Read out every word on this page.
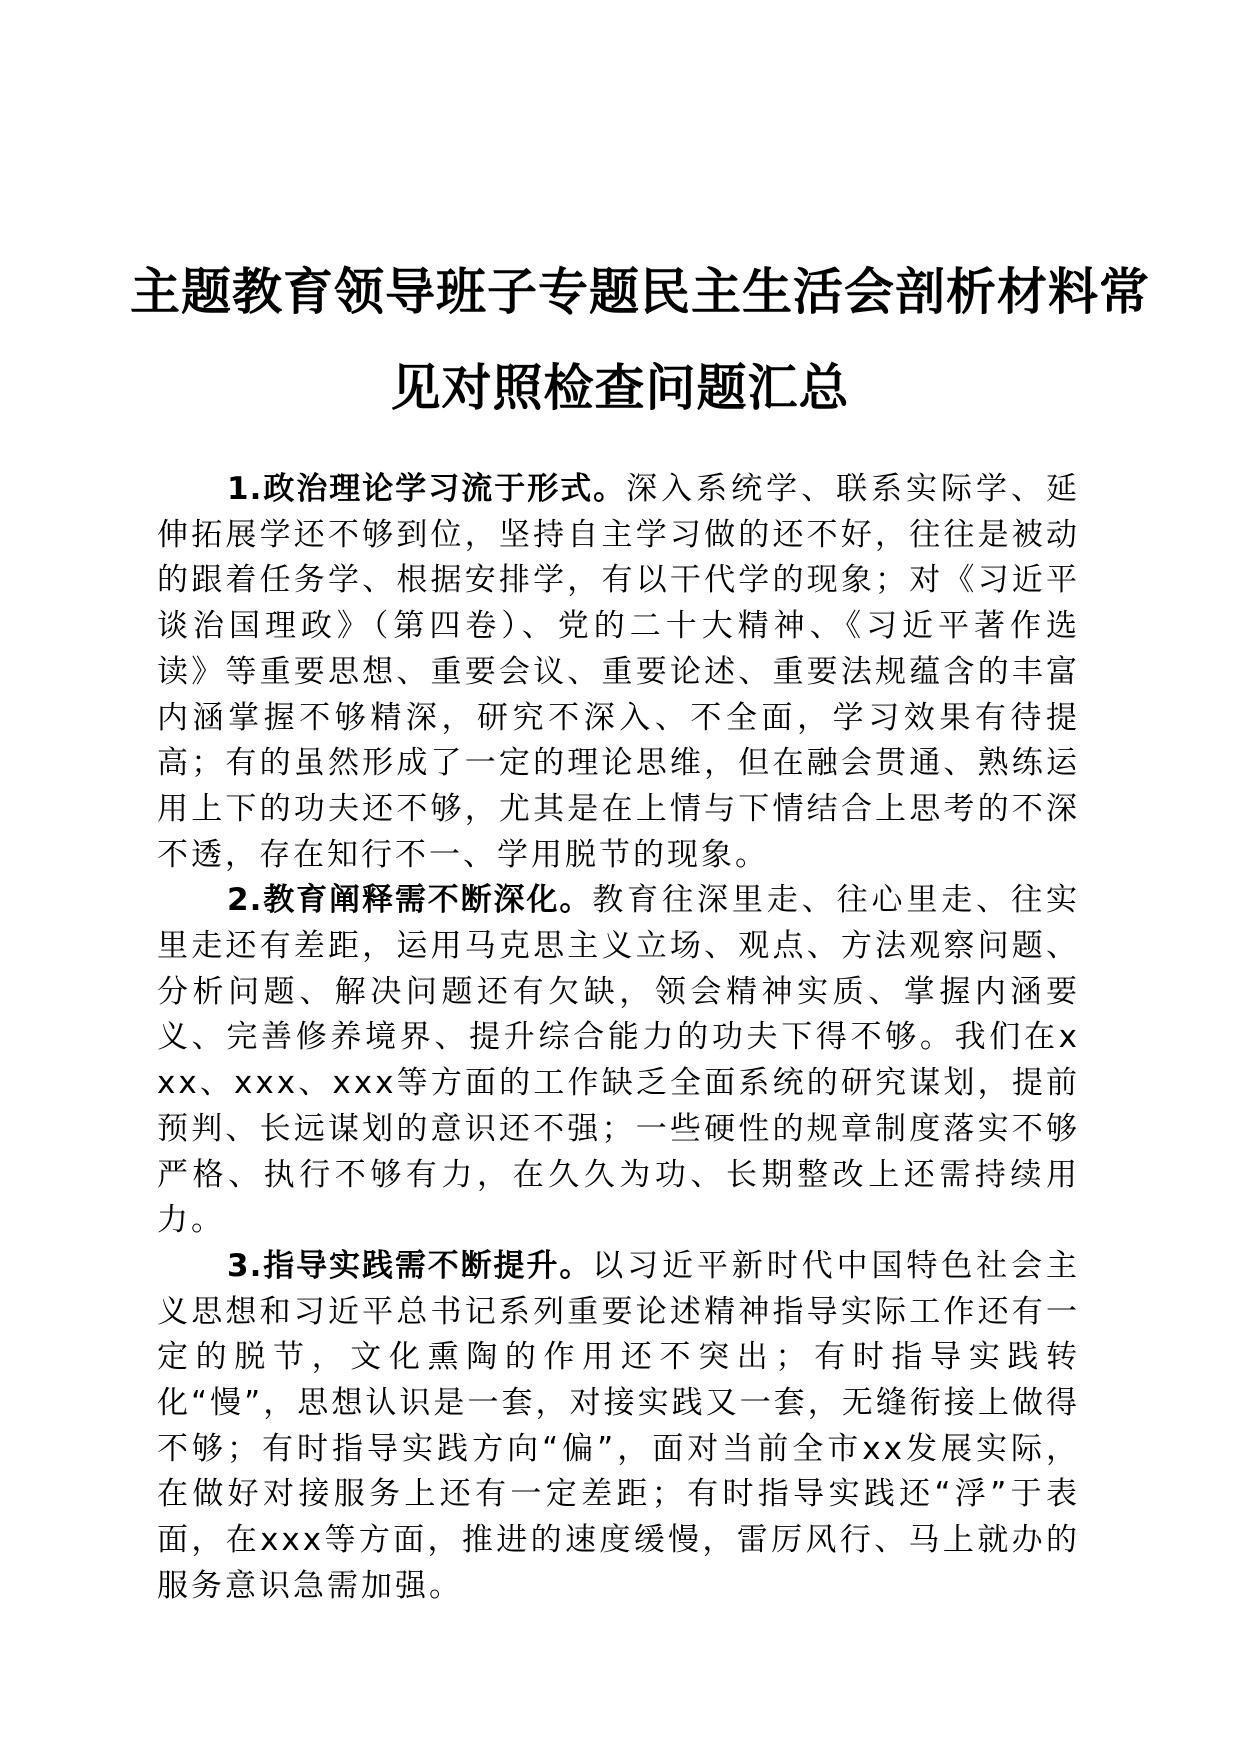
主题教育领导班子专题民主生活会剖析材料常
见对照检查问题汇总

1.政治理论学习流于形式。深入系统学、联系实际学、延伸拓展学还不够到位，坚持自主学习做的还不好，往往是被动的跟着任务学、根据安排学，有以干代学的现象；对《习近平谈治国理政》（第四卷）、党的二十大精神、《习近平著作选读》等重要思想、重要会议、重要论述、重要法规蕴含的丰富内涵掌握不够精深，研究不深入、不全面，学习效果有待提高；有的虽然形成了一定的理论思维，但在融会贯通、熟练运用上下的功夫还不够，尤其是在上情与下情结合上思考的不深不透，存在知行不一、学用脱节的现象。

2.教育阐释需不断深化。教育往深里走、往心里走、往实里走还有差距，运用马克思主义立场、观点、方法观察问题、分析问题、解决问题还有欠缺，领会精神实质、掌握内涵要义、完善修养境界、提升综合能力的功夫下得不够。我们在xxx、xxx、xxx等方面的工作缺乏全面系统的研究谋划，提前预判、长远谋划的意识还不强；一些硬性的规章制度落实不够严格、执行不够有力，在久久为功、长期整改上还需持续用力。

3.指导实践需不断提升。以习近平新时代中国特色社会主义思想和习近平总书记系列重要论述精神指导实际工作还有一定的脱节，文化熏陶的作用还不突出；有时指导实践转化“慢”，思想认识是一套，对接实践又一套，无缝衔接上做得不够；有时指导实践方向“偏”，面对当前全市xx发展实际，在做好对接服务上还有一定差距；有时指导实践还“浮”于表面，在xxx等方面，推进的速度缓慢，雷厉风行、马上就办的服务意识急需加强。
